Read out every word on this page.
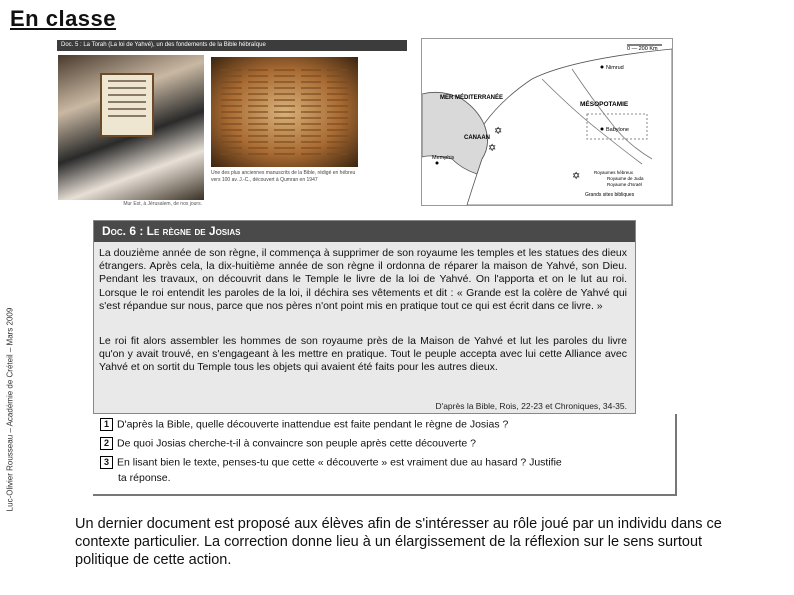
En classe
Luc-Olivier Rousseau – Académie de Créteil – Mars 2009
Doc. 5 : La Torah (La loi de Yahvé), un des fondements de la Bible hébraïque
Mur Est, à Jérusalem, de nos jours.
Une des plus anciennes manuscrits de la Bible, rédigé en hébreu vers 100 av. J.-C., découvert à Qumran en 1947
MER MÉDITERRANÉE
MÉSOPOTAMIE
CANAAN
Babylone
Nimrud
Memphis
✡
✡
✡
0 — 200 Km
Royaumes hébreux
Royaume de Juda
Royaume d'Israël
Grands sites bibliques
Doc. 6 : Le règne de Josias
La douzième année de son règne, il commença à supprimer de son royaume les temples et les statues des dieux étrangers. Après cela, la dix-huitième année de son règne il ordonna de réparer la maison de Yahvé, son Dieu. Pendant les travaux, on découvrit dans le Temple le livre de la loi de Yahvé. On l'apporta et on le lut au roi. Lorsque le roi entendit les paroles de la loi, il déchira ses vêtements et dit : « Grande est la colère de Yahvé qui s'est répandue sur nous, parce que nos pères n'ont point mis en pratique tout ce qui est écrit dans ce livre. »
Le roi fit alors assembler les hommes de son royaume près de la Maison de Yahvé et lut les paroles du livre qu'on y avait trouvé, en s'engageant à les mettre en pratique. Tout le peuple accepta avec lui cette Alliance avec Yahvé et on sortit du Temple tous les objets qui avaient été faits pour les autres dieux.
D'après la Bible, Rois, 22-23 et Chroniques, 34-35.
1 D'après la Bible, quelle découverte inattendue est faite pendant le règne de Josias ?
2 De quoi Josias cherche-t-il à convaincre son peuple après cette découverte ?
3 En lisant bien le texte, penses-tu que cette « découverte » est vraiment due au hasard ? Justifie
ta réponse.
Un dernier document est proposé aux élèves afin de s'intéresser au rôle joué par un individu dans ce contexte particulier. La correction donne lieu à un élargissement de la réflexion sur le sens surtout politique de cette action.
